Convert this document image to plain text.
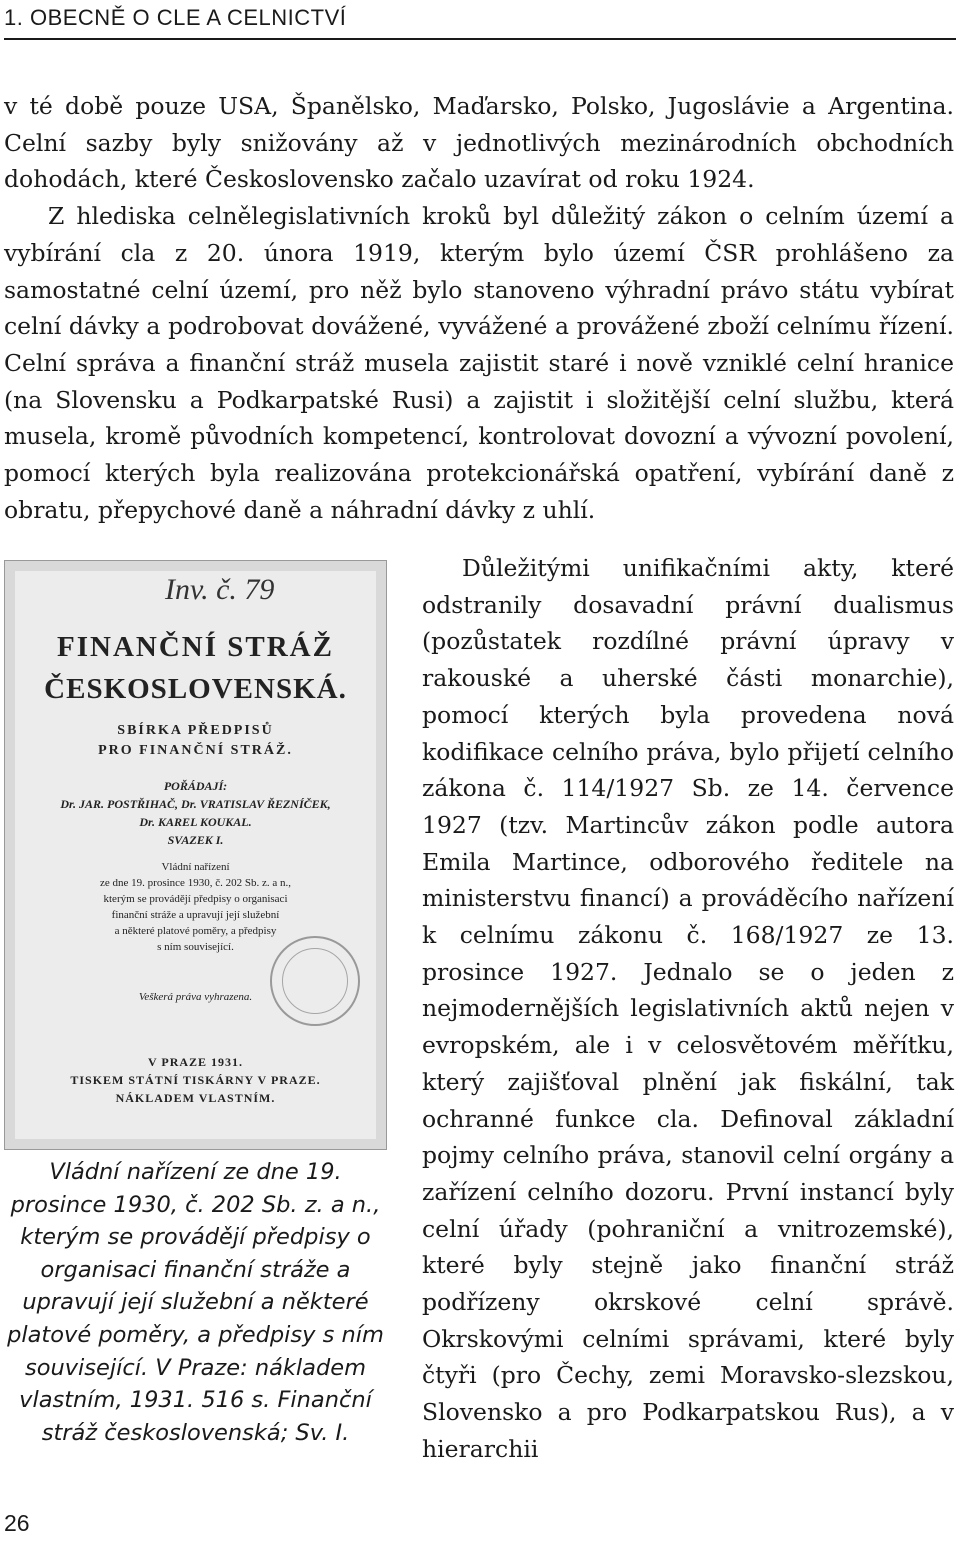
1. OBECNĚ O CLE A CELNICTVÍ

v té době pouze USA, Španělsko, Maďarsko, Polsko, Jugoslávie a Argentina. Celní sazby byly snižovány až v jednotlivých mezinárodních obchodních dohodách, které Československo začalo uzavírat od roku 1924.

Z hlediska celnělegislativních kroků byl důležitý zákon o celním území a vybírání cla z 20. února 1919, kterým bylo území ČSR prohlášeno za samostatné celní území, pro něž bylo stanoveno výhradní právo státu vybírat celní dávky a podrobovat dovážené, vyvážené a provážené zboží celnímu řízení. Celní správa a finanční stráž musela zajistit staré i nově vzniklé celní hranice (na Slovensku a Podkarpatské Rusi) a zajistit i složitější celní službu, která musela, kromě původních kompetencí, kontrolovat dovozní a vývozní povolení, pomocí kterých byla realizována protekcionářská opatření, vybírání daně z obratu, přepychové daně a náhradní dávky z uhlí.

Inv. č. 79
FINANČNÍ STRÁŽ
ČESKOSLOVENSKÁ.
SBÍRKA PŘEDPISŮ
PRO FINANČNÍ STRÁŽ.
POŘÁDAJÍ:
Dr. JAR. POSTŘIHAČ, Dr. VRATISLAV ŘEZNÍČEK,
Dr. KAREL KOUKAL.
SVAZEK I.
Vládní nařízení
ze dne 19. prosince 1930, č. 202 Sb. z. a n.,
kterým se provádějí předpisy o organisaci
finanční stráže a upravují její služební
a některé platové poměry, a předpisy
s ním související.
Veškerá práva vyhrazena.
V PRAZE 1931.
TISKEM STÁTNÍ TISKÁRNY V PRAZE.
NÁKLADEM VLASTNÍM.
Vládní nařízení ze dne 19. prosince 1930, č. 202 Sb. z. a n., kterým se provádějí předpisy o organisaci finanční stráže a upravují její služební a některé platové poměry, a předpisy s ním související. V Praze: nákladem vlastním, 1931. 516 s. Finanční stráž československá; Sv. I.

Důležitými unifikačními akty, které odstranily dosavadní právní dualismus (pozůstatek rozdílné právní úpravy v rakouské a uherské části monarchie), pomocí kterých byla provedena nová kodifikace celního práva, bylo přijetí celního zákona č. 114/1927 Sb. ze 14. července 1927 (tzv. Martincův zákon podle autora Emila Martince, odborového ředitele na ministerstvu financí) a prováděcího nařízení k celnímu zákonu č. 168/1927 ze 13. prosince 1927. Jednalo se o jeden z nejmodernějších legislativních aktů nejen v evropském, ale i v celosvětovém měřítku, který zajišťoval plnění jak fiskální, tak ochranné funkce cla. Definoval základní pojmy celního práva, stanovil celní orgány a zařízení celního dozoru. První instancí byly celní úřady (pohraniční a vnitrozemské), které byly stejně jako finanční stráž podřízeny okrskové celní správě. Okrskovými celními správami, které byly čtyři (pro Čechy, zemi Moravsko-slezskou, Slovensko a pro Podkarpatskou Rus), a v hierarchii

26
